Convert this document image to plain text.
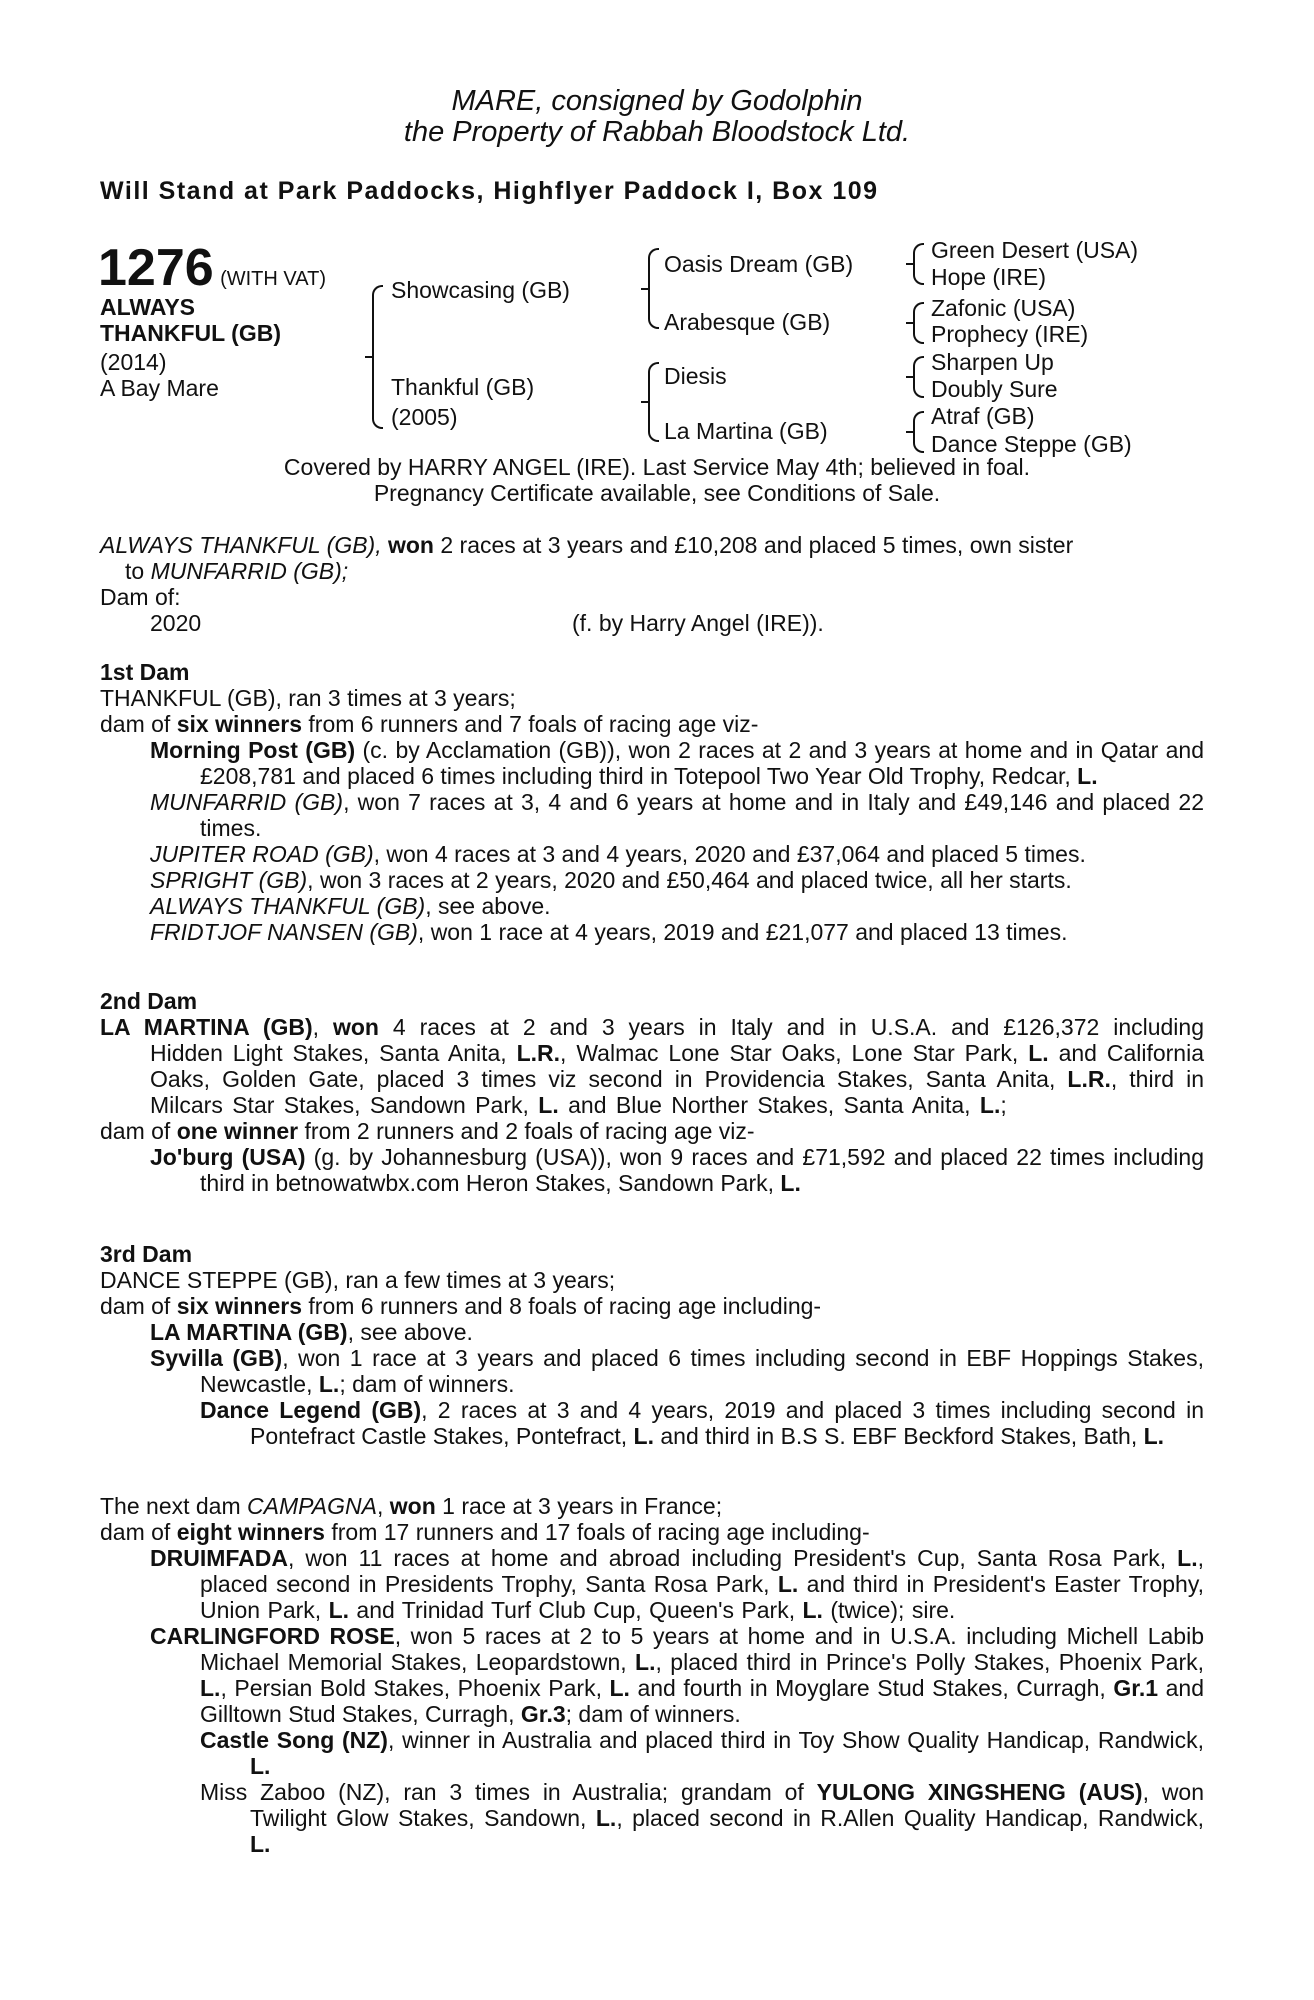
MARE, consigned by Godolphin
the Property of Rabbah Bloodstock Ltd.
Will Stand at Park Paddocks, Highflyer Paddock I, Box 109
1276 (WITH VAT)
ALWAYS
THANKFUL (GB)
(2014)
A Bay Mare
Showcasing (GB)
Thankful (GB)
(2005)
Oasis Dream (GB)
Arabesque (GB)
Diesis
La Martina (GB)
Green Desert (USA)
Hope (IRE)
Zafonic (USA)
Prophecy (IRE)
Sharpen Up
Doubly Sure
Atraf (GB)
Dance Steppe (GB)
Covered by HARRY ANGEL (IRE). Last Service May 4th; believed in foal.
Pregnancy Certificate available, see Conditions of Sale.
ALWAYS THANKFUL (GB), won 2 races at 3 years and £10,208 and placed 5 times, own sister
to MUNFARRID (GB);
Dam of:
2020	(f. by Harry Angel (IRE)).
1st Dam
THANKFUL (GB), ran 3 times at 3 years;
dam of six winners from 6 runners and 7 foals of racing age viz-

Morning Post (GB) (c. by Acclamation (GB)), won 2 races at 2 and 3 years at home and in Qatar and £208,781 and placed 6 times including third in Totepool Two Year Old Trophy, Redcar, L.

MUNFARRID (GB), won 7 races at 3, 4 and 6 years at home and in Italy and £49,146 and placed 22 times.

JUPITER ROAD (GB), won 4 races at 3 and 4 years, 2020 and £37,064 and placed 5 times.

SPRIGHT (GB), won 3 races at 2 years, 2020 and £50,464 and placed twice, all her starts.

ALWAYS THANKFUL (GB), see above.

FRIDTJOF NANSEN (GB), won 1 race at 4 years, 2019 and £21,077 and placed 13 times.

2nd Dam

LA MARTINA (GB), won 4 races at 2 and 3 years in Italy and in U.S.A. and £126,372 including Hidden Light Stakes, Santa Anita, L.R., Walmac Lone Star Oaks, Lone Star Park, L. and California Oaks, Golden Gate, placed 3 times viz second in Providencia Stakes, Santa Anita, L.R., third in Milcars Star Stakes, Sandown Park, L. and Blue Norther Stakes, Santa Anita, L.;

dam of one winner from 2 runners and 2 foals of racing age viz-

Jo'burg (USA) (g. by Johannesburg (USA)), won 9 races and £71,592 and placed 22 times including third in betnowatwbx.com Heron Stakes, Sandown Park, L.

3rd Dam
DANCE STEPPE (GB), ran a few times at 3 years;
dam of six winners from 6 runners and 8 foals of racing age including-

LA MARTINA (GB), see above.

Syvilla (GB), won 1 race at 3 years and placed 6 times including second in EBF Hoppings Stakes, Newcastle, L.; dam of winners.

Dance Legend (GB), 2 races at 3 and 4 years, 2019 and placed 3 times including second in Pontefract Castle Stakes, Pontefract, L. and third in B.S S. EBF Beckford Stakes, Bath, L.

The next dam CAMPAGNA, won 1 race at 3 years in France;
dam of eight winners from 17 runners and 17 foals of racing age including-

DRUIMFADA, won 11 races at home and abroad including President's Cup, Santa Rosa Park, L., placed second in Presidents Trophy, Santa Rosa Park, L. and third in President's Easter Trophy, Union Park, L. and Trinidad Turf Club Cup, Queen's Park, L. (twice); sire.

CARLINGFORD ROSE, won 5 races at 2 to 5 years at home and in U.S.A. including Michell Labib Michael Memorial Stakes, Leopardstown, L., placed third in Prince's Polly Stakes, Phoenix Park, L., Persian Bold Stakes, Phoenix Park, L. and fourth in Moyglare Stud Stakes, Curragh, Gr.1 and Gilltown Stud Stakes, Curragh, Gr.3; dam of winners.

Castle Song (NZ), winner in Australia and placed third in Toy Show Quality Handicap, Randwick, L.

Miss Zaboo (NZ), ran 3 times in Australia; grandam of YULONG XINGSHENG (AUS), won Twilight Glow Stakes, Sandown, L., placed second in R.Allen Quality Handicap, Randwick, L.
